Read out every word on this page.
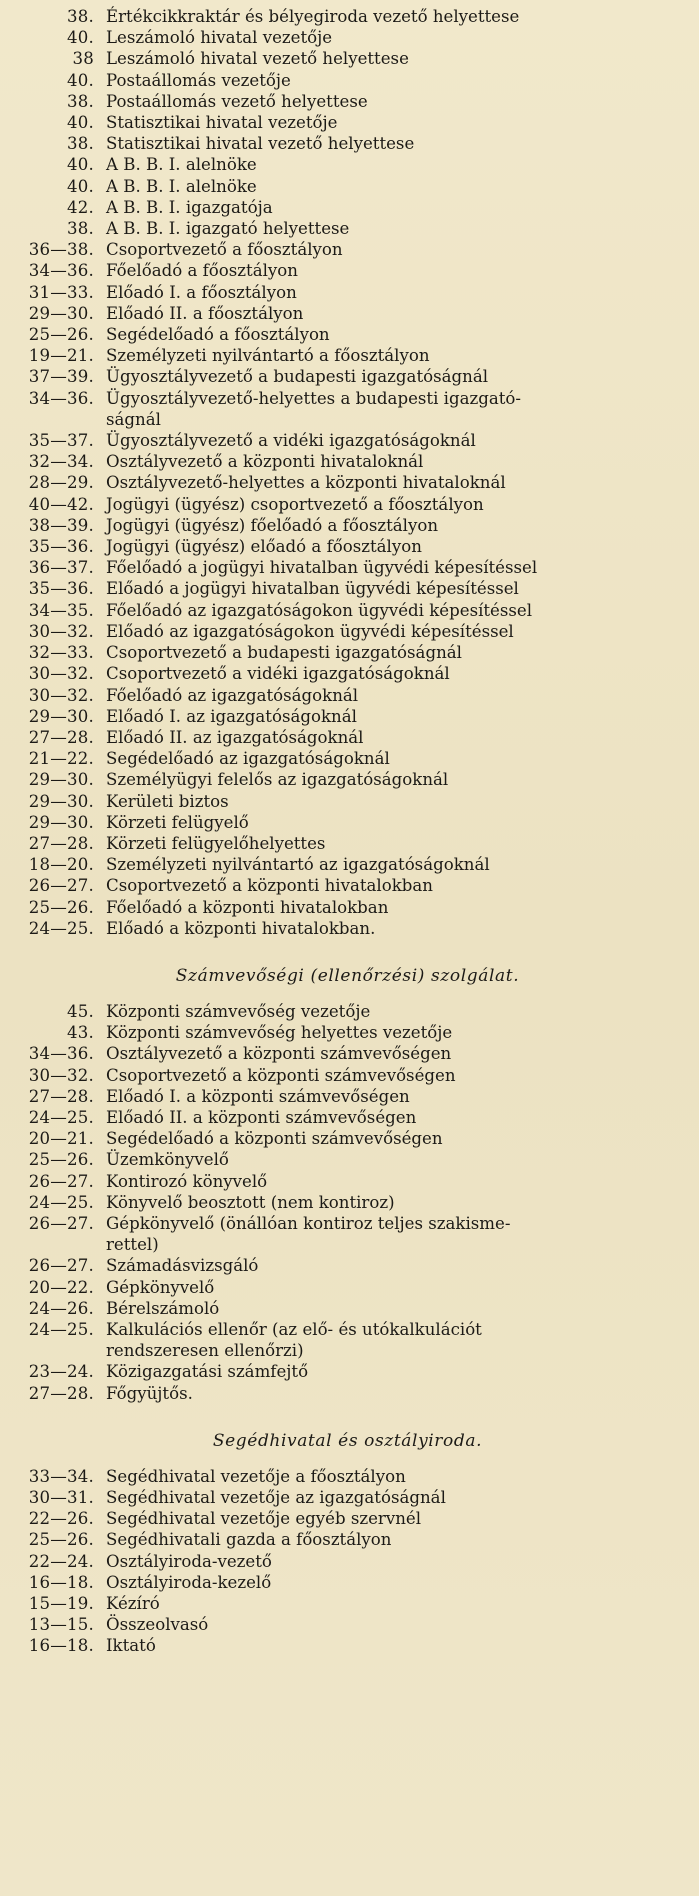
38. Értékcikkraktár és bélyegiroda vezető helyettese
40. Leszámoló hivatal vezetője
38 Leszámoló hivatal vezető helyettese
40. Postaállomás vezetője
38. Postaállomás vezető helyettese
40. Statisztikai hivatal vezetője
38. Statisztikai hivatal vezető helyettese
40. A B. B. I. alelnöke
40. A B. B. I. alelnöke
42. A B. B. I. igazgatója
38. A B. B. I. igazgató helyettese
36—38. Csoportvezető a főosztályon
34—36. Főelőadó a főosztályon
31—33. Előadó I. a főosztályon
29—30. Előadó II. a főosztályon
25—26. Segédelőadó a főosztályon
19—21. Személyzeti nyilvántartó a főosztályon
37—39. Ügyosztályvezető a budapesti igazgatóságnál
34—36. Ügyosztályvezető-helyettes a budapesti igazgató-
ságnál
35—37. Ügyosztályvezető a vidéki igazgatóságoknál
32—34. Osztályvezető a központi hivataloknál
28—29. Osztályvezető-helyettes a központi hivataloknál
40—42. Jogügyi (ügyész) csoportvezető a főosztályon
38—39. Jogügyi (ügyész) főelőadó a főosztályon
35—36. Jogügyi (ügyész) előadó a főosztályon
36—37. Főelőadó a jogügyi hivatalban ügyvédi képesítéssel
35—36. Előadó a jogügyi hivatalban ügyvédi képesítéssel
34—35. Főelőadó az igazgatóságokon ügyvédi képesítéssel
30—32. Előadó az igazgatóságokon ügyvédi képesítéssel
32—33. Csoportvezető a budapesti igazgatóságnál
30—32. Csoportvezető a vidéki igazgatóságoknál
30—32. Főelőadó az igazgatóságoknál
29—30. Előadó I. az igazgatóságoknál
27—28. Előadó II. az igazgatóságoknál
21—22. Segédelőadó az igazgatóságoknál
29—30. Személyügyi felelős az igazgatóságoknál
29—30. Kerületi biztos
29—30. Körzeti felügyelő
27—28. Körzeti felügyelőhelyettes
18—20. Személyzeti nyilvántartó az igazgatóságoknál
26—27. Csoportvezető a központi hivatalokban
25—26. Főelőadó a központi hivatalokban
24—25. Előadó a központi hivatalokban.
Számvevőségi (ellenőrzési) szolgálat.
45. Központi számvevőség vezetője
43. Központi számvevőség helyettes vezetője
34—36. Osztályvezető a központi számvevőségen
30—32. Csoportvezető a központi számvevőségen
27—28. Előadó I. a központi számvevőségen
24—25. Előadó II. a központi számvevőségen
20—21. Segédelőadó a központi számvevőségen
25—26. Üzemkönyvelő
26—27. Kontirozó könyvelő
24—25. Könyvelő beosztott (nem kontiroz)
26—27. Gépkönyvelő (önállóan kontiroz teljes szakisme-
rettel)
26—27. Számadásvizsgáló
20—22. Gépkönyvelő
24—26. Bérelszámoló
24—25. Kalkulációs ellenőr (az elő- és utókalkulációt
rendszeresen ellenőrzi)
23—24. Közigazgatási számfejtő
27—28. Főgyüjtős.
Segédhivatal és osztályiroda.
33—34. Segédhivatal vezetője a főosztályon
30—31. Segédhivatal vezetője az igazgatóságnál
22—26. Segédhivatal vezetője egyéb szervnél
25—26. Segédhivatali gazda a főosztályon
22—24. Osztályiroda-vezető
16—18. Osztályiroda-kezelő
15—19. Kézíró
13—15. Összeolvasó
16—18. Iktató
